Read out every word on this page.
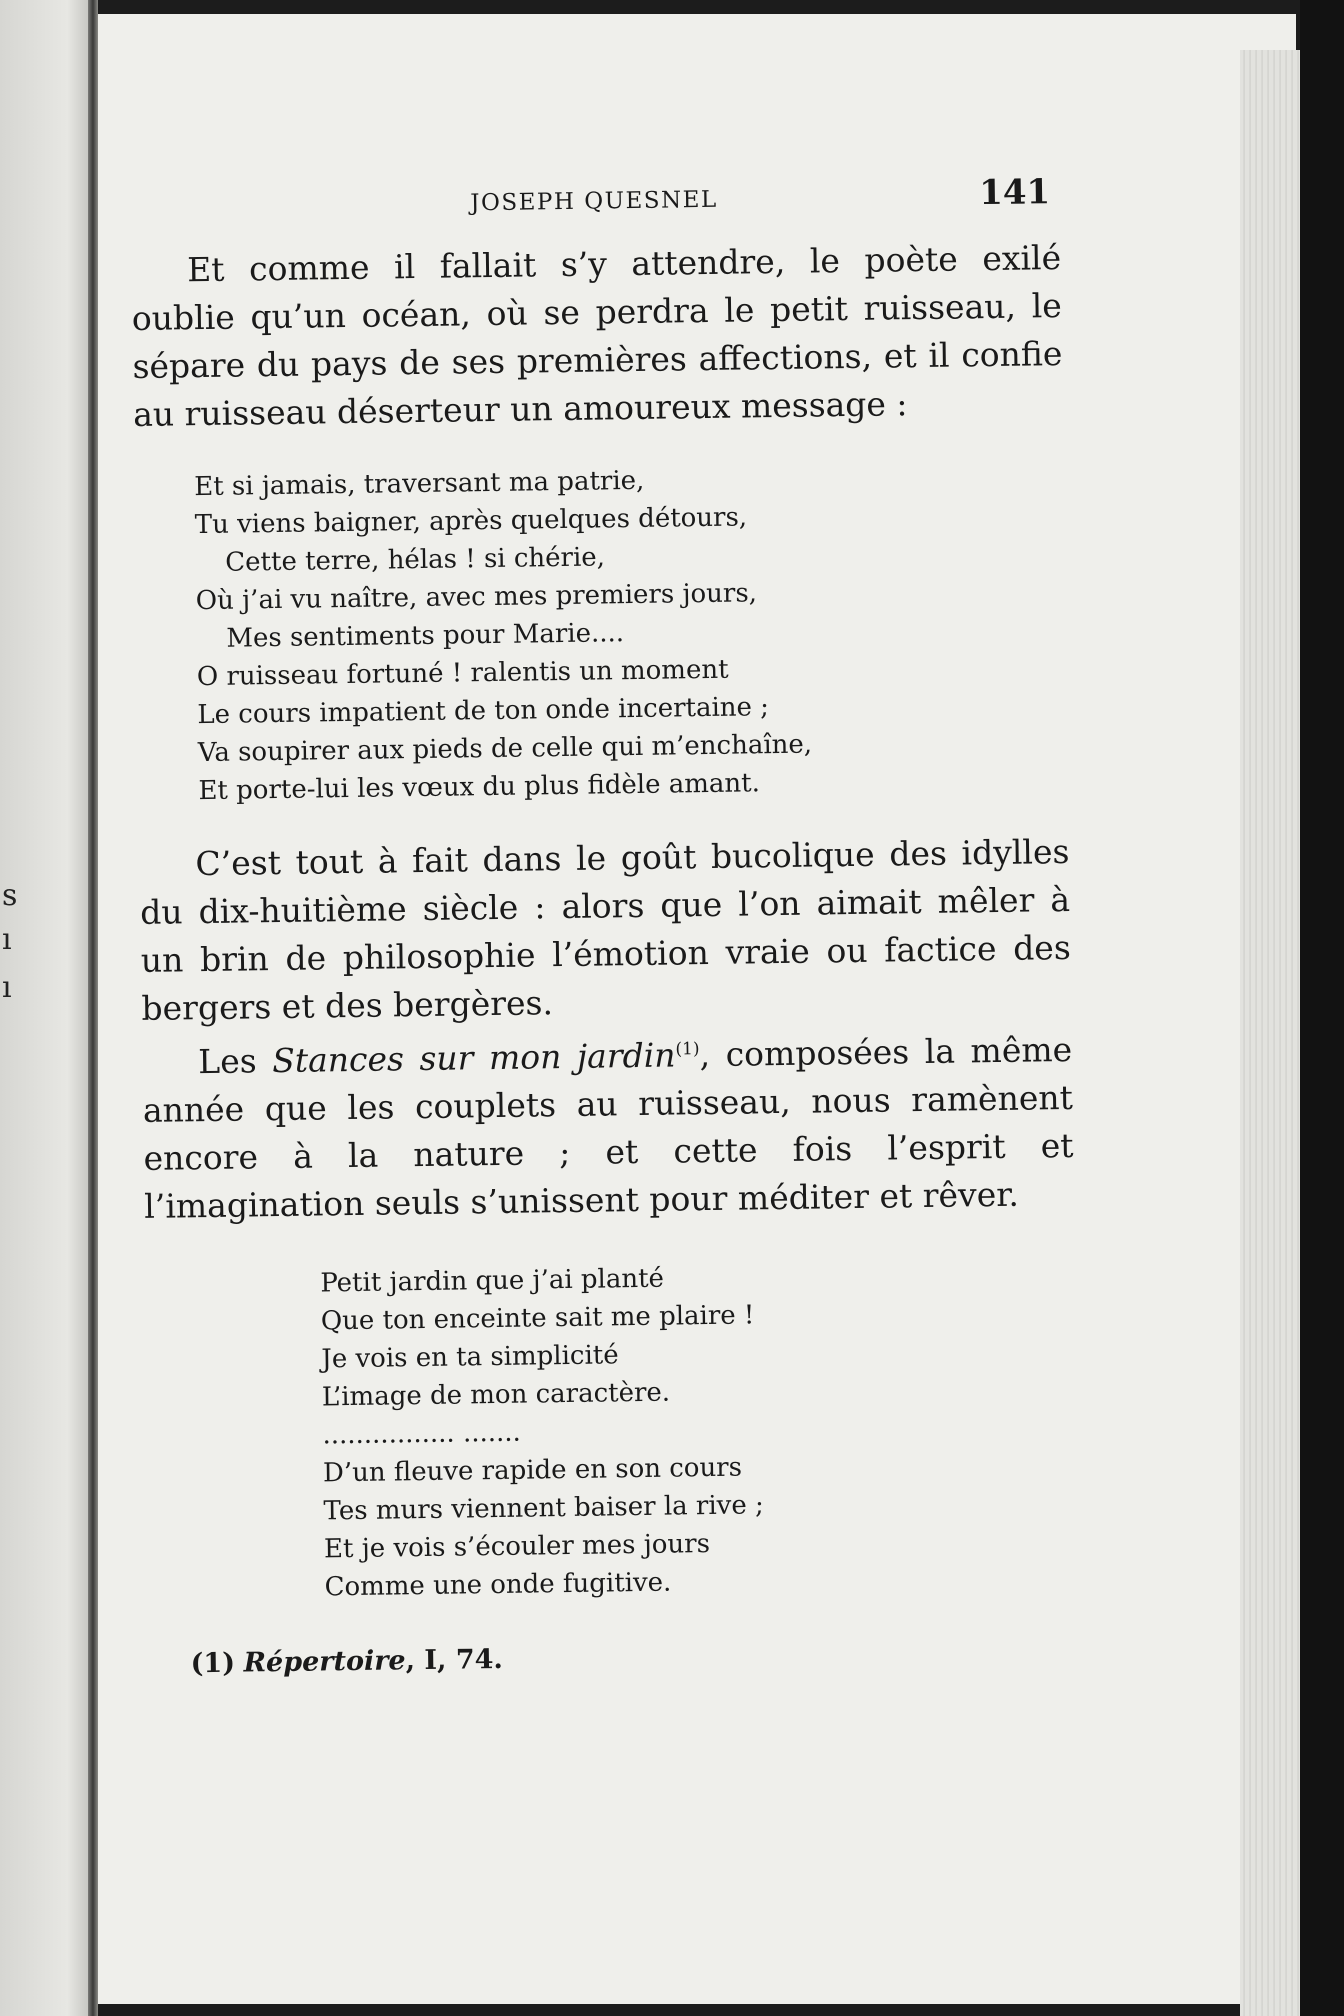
s

ı

ı

JOSEPH QUESNEL	141

Et comme il fallait s’y attendre, le poète exilé oublie qu’un océan, où se perdra le petit ruisseau, le sépare du pays de ses premières affections, et il confie au ruisseau déserteur un amoureux message :

Et si jamais, traversant ma patrie,
Tu viens baigner, après quelques détours,
Cette terre, hélas ! si chérie,
Où j’ai vu naître, avec mes premiers jours,
Mes sentiments pour Marie....
O ruisseau fortuné ! ralentis un moment
Le cours impatient de ton onde incertaine ;
Va soupirer aux pieds de celle qui m’enchaîne,
Et porte-lui les vœux du plus fidèle amant.

C’est tout à fait dans le goût bucolique des idylles du dix-huitième siècle : alors que l’on aimait mêler à un brin de philosophie l’émotion vraie ou factice des bergers et des bergères.

Les Stances sur mon jardin$^{(1)}$, composées la même année que les couplets au ruisseau, nous ramènent encore à la nature ; et cette fois l’esprit et l’imagination seuls s’unissent pour méditer et rêver.

Petit jardin que j’ai planté
Que ton enceinte sait me plaire !
Je vois en ta simplicité
L’image de mon caractère.
................ .......
D’un fleuve rapide en son cours
Tes murs viennent baiser la rive ;
Et je vois s’écouler mes jours
Comme une onde fugitive.

(1) Répertoire, I, 74.
